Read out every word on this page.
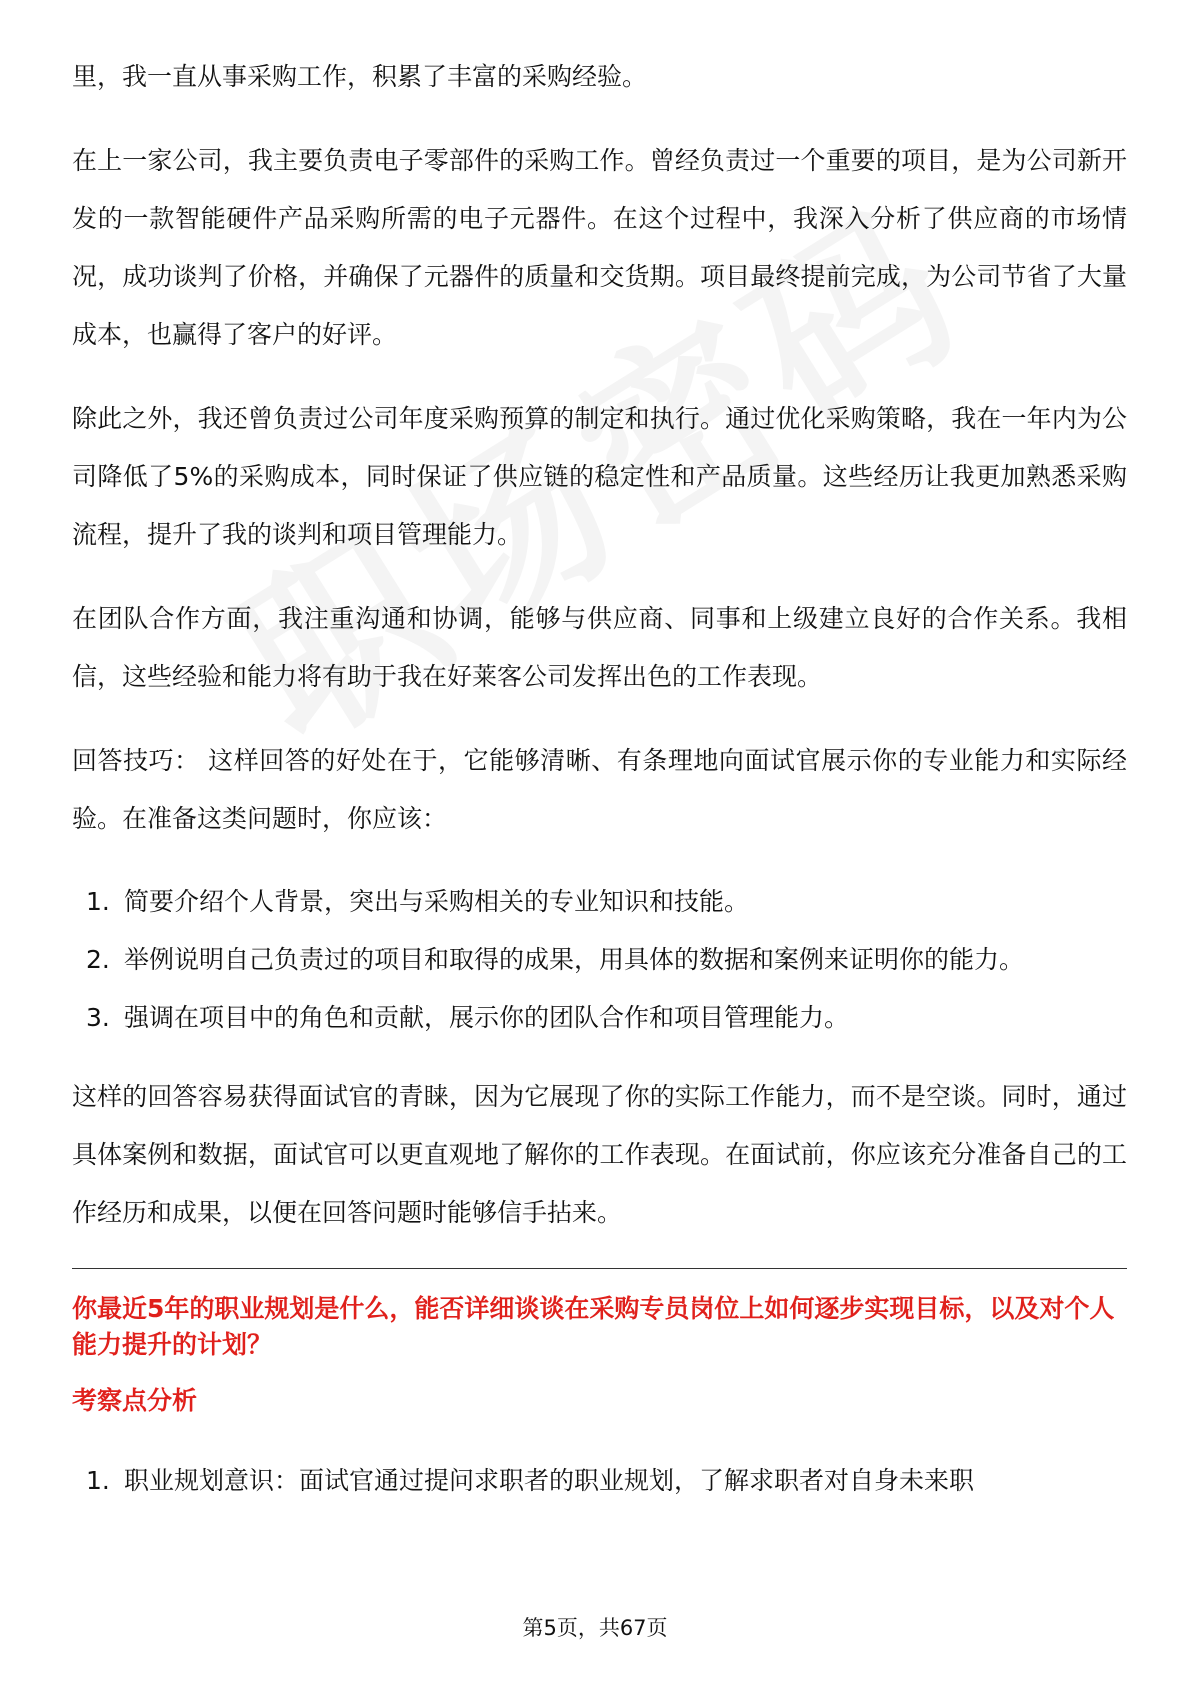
里，我一直从事采购工作，积累了丰富的采购经验。

在上一家公司，我主要负责电子零部件的采购工作。曾经负责过一个重要的项目，是为公司新开发的一款智能硬件产品采购所需的电子元器件。在这个过程中，我深入分析了供应商的市场情况，成功谈判了价格，并确保了元器件的质量和交货期。项目最终提前完成，为公司节省了大量成本，也赢得了客户的好评。

除此之外，我还曾负责过公司年度采购预算的制定和执行。通过优化采购策略，我在一年内为公司降低了5%的采购成本，同时保证了供应链的稳定性和产品质量。这些经历让我更加熟悉采购流程，提升了我的谈判和项目管理能力。

在团队合作方面，我注重沟通和协调，能够与供应商、同事和上级建立良好的合作关系。我相信，这些经验和能力将有助于我在好莱客公司发挥出色的工作表现。

回答技巧： 这样回答的好处在于，它能够清晰、有条理地向面试官展示你的专业能力和实际经验。在准备这类问题时，你应该：

1. 简要介绍个人背景，突出与采购相关的专业知识和技能。
2. 举例说明自己负责过的项目和取得的成果，用具体的数据和案例来证明你的能力。
3. 强调在项目中的角色和贡献，展示你的团队合作和项目管理能力。

这样的回答容易获得面试官的青睐，因为它展现了你的实际工作能力，而不是空谈。同时，通过具体案例和数据，面试官可以更直观地了解你的工作表现。在面试前，你应该充分准备自己的工作经历和成果，以便在回答问题时能够信手拈来。

你最近5年的职业规划是什么，能否详细谈谈在采购专员岗位上如何逐步实现目标，以及对个人能力提升的计划？
考察点分析
1. 职业规划意识：面试官通过提问求职者的职业规划，了解求职者对自身未来职
第5页，共67页
